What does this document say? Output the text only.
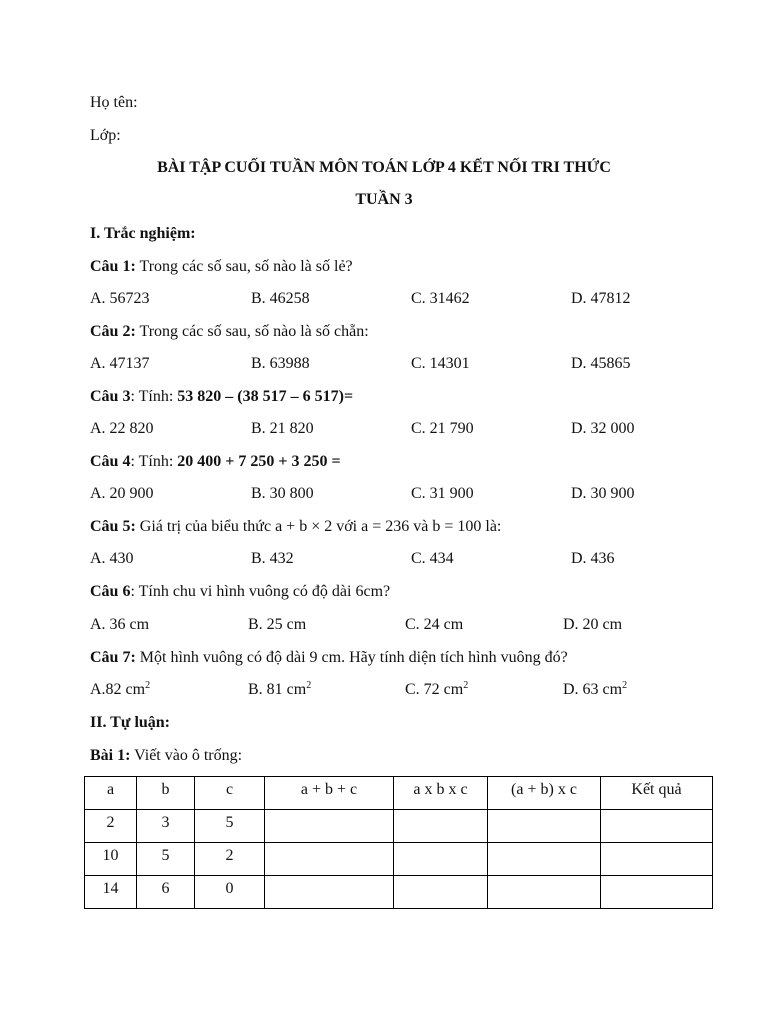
Họ tên:
Lớp:
BÀI TẬP CUỐI TUẦN MÔN TOÁN LỚP 4 KẾT NỐI TRI THỨC
TUẦN 3
I. Trắc nghiệm:
Câu 1: Trong các số sau, số nào là số lẻ?
A. 56723	B. 46258	C. 31462	D. 47812
Câu 2: Trong các số sau, số nào là số chẵn:
A. 47137	B. 63988	C. 14301	D. 45865
Câu 3: Tính: 53 820 – (38 517 – 6 517)=
A. 22 820	B. 21 820	C. 21 790	D. 32 000
Câu 4: Tính: 20 400 + 7 250 + 3 250 =
A. 20 900	B. 30 800	C. 31 900	D. 30 900
Câu 5: Giá trị của biểu thức a + b × 2 với a = 236 và b = 100 là:
A. 430	B. 432	C. 434	D. 436
Câu 6: Tính chu vi hình vuông có độ dài 6cm?
A. 36 cm	B. 25 cm	C. 24 cm	D. 20 cm
Câu 7: Một hình vuông có độ dài 9 cm. Hãy tính diện tích hình vuông đó?
A.82 $cm^2$	B. 81 $cm^2$	C. 72 $cm^2$	D. 63 $cm^2$
II. Tự luận:
Bài 1: Viết vào ô trống:
a	b	c	a + b + c	a x b x c	(a + b) x c	Kết quả

2	3	5				

10	5	2				

14	6	0				
